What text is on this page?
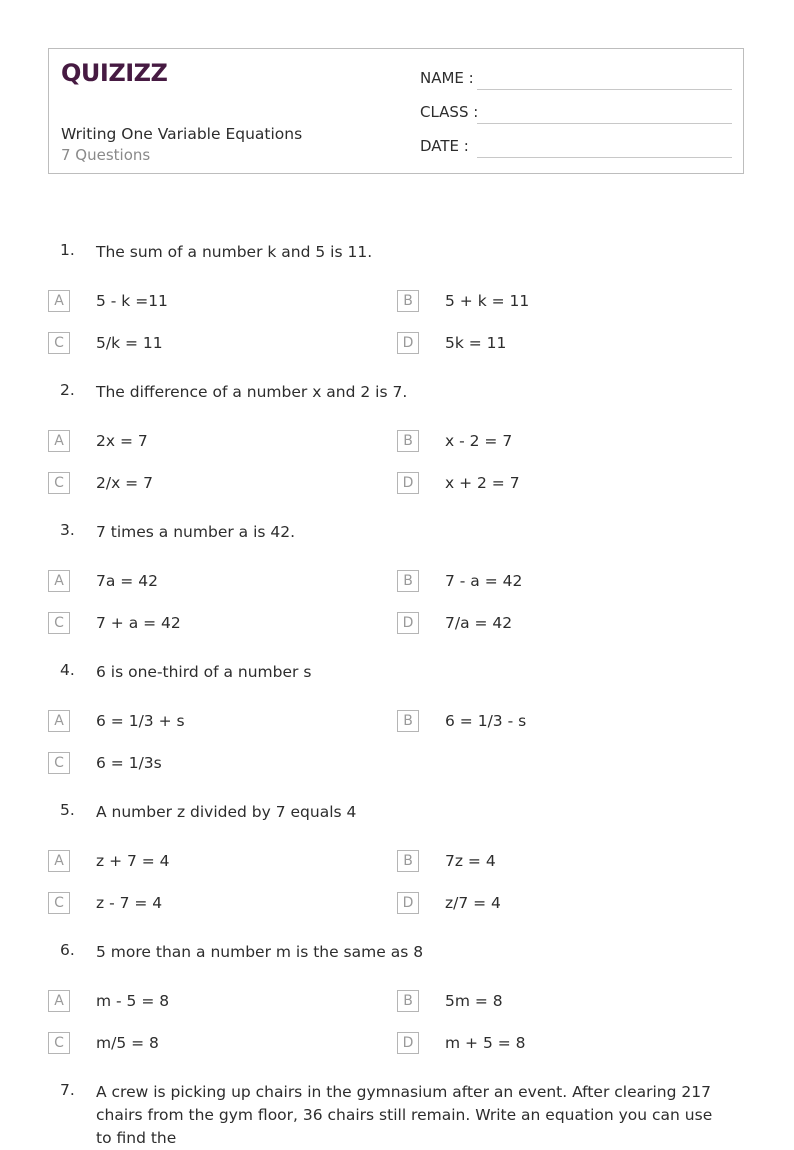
QUIZIZZ
Writing One Variable Equations
7 Questions
NAME :
CLASS :
DATE :
1. The sum of a number k and 5 is 11.
A	5 - k =11	B	5 + k = 11
C	5/k = 11	D	5k = 11
2. The difference of a number x and 2 is 7.
A	2x = 7	B	x - 2 = 7
C	2/x = 7	D	x + 2 = 7
3. 7 times a number a is 42.
A	7a = 42	B	7 - a = 42
C	7 + a = 42	D	7/a = 42
4. 6 is one-third of a number s
A	6 = 1/3 + s	B	6 = 1/3 - s
C	6 = 1/3s
5. A number z divided by 7 equals 4
A	z + 7 = 4	B	7z = 4
C	z - 7 = 4	D	z/7 = 4
6. 5 more than a number m is the same as 8
A	m - 5 = 8	B	5m = 8
C	m/5 = 8	D	m + 5 = 8
7. A crew is picking up chairs in the gymnasium after an event. After clearing 217 chairs from the gym floor, 36 chairs still remain. Write an equation you can use to find the
